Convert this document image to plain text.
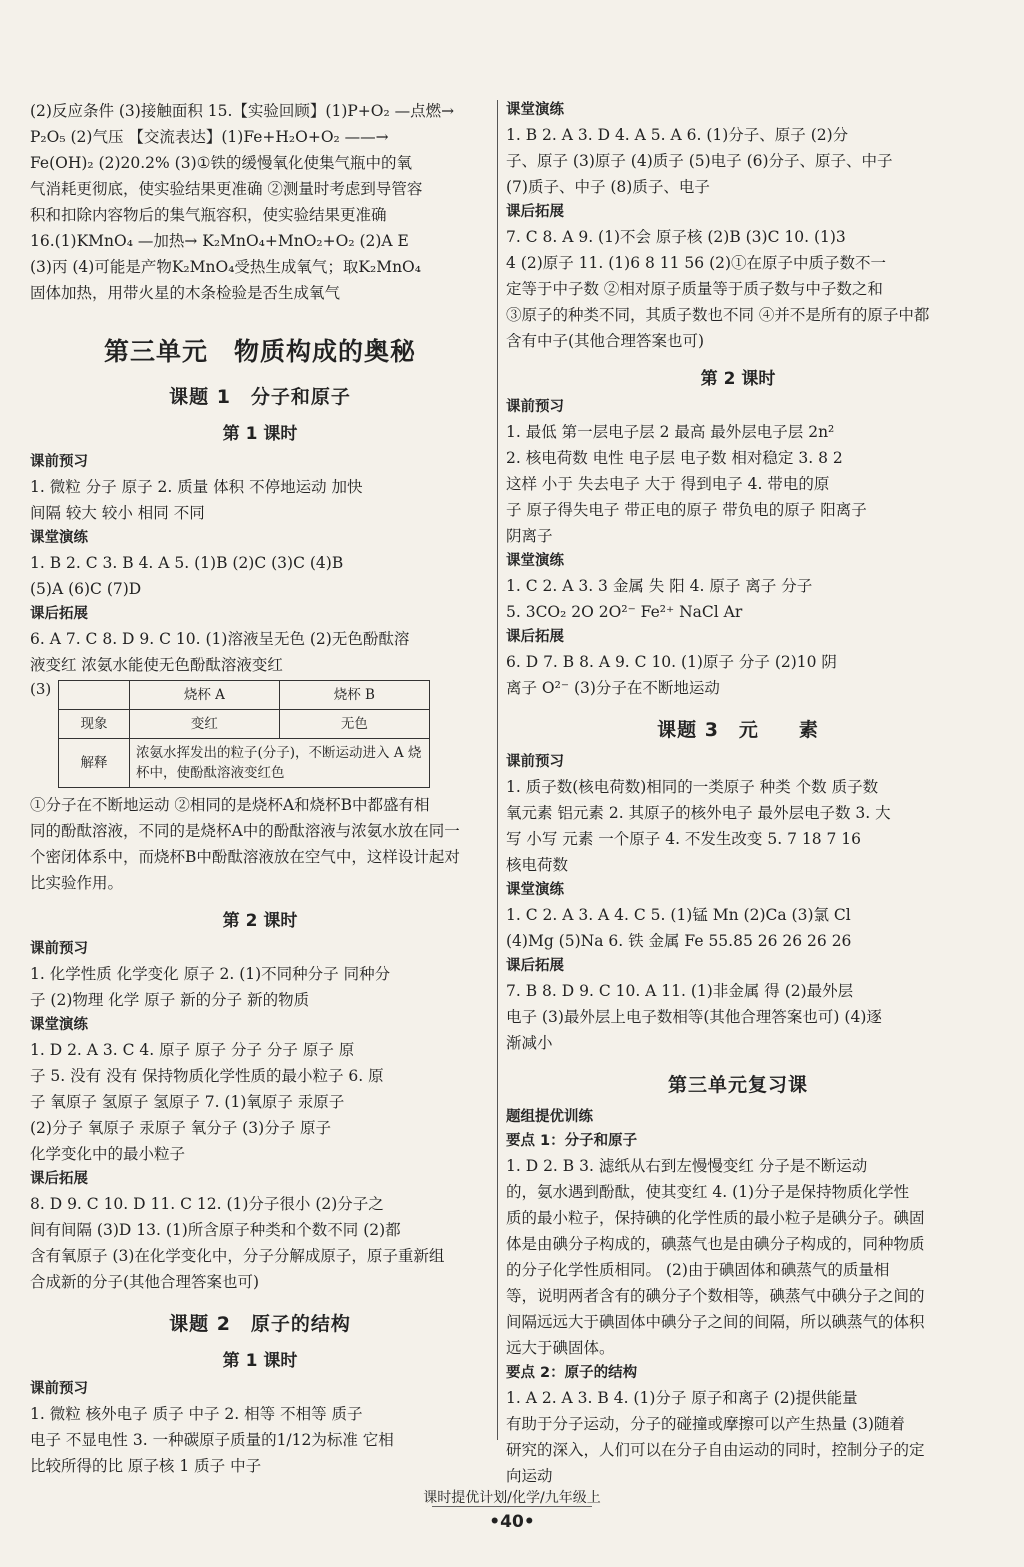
(2)反应条件 (3)接触面积 15.【实验回顾】(1)P+O₂ —点燃→

P₂O₅ (2)气压 【交流表达】(1)Fe+H₂O+O₂ ——→

Fe(OH)₂ (2)20.2% (3)①铁的缓慢氧化使集气瓶中的氧

气消耗更彻底，使实验结果更准确 ②测量时考虑到导管容

积和扣除内容物后的集气瓶容积，使实验结果更准确

16.(1)KMnO₄ —加热→ K₂MnO₄+MnO₂+O₂ (2)A E

(3)丙 (4)可能是产物K₂MnO₄受热生成氧气；取K₂MnO₄

固体加热，用带火星的木条检验是否生成氧气

第三单元　物质构成的奥秘
课题 1　分子和原子
第 1 课时

课前预习

1. 微粒 分子 原子 2. 质量 体积 不停地运动 加快

间隔 较大 较小 相同 不同

课堂演练

1. B 2. C 3. B 4. A 5. (1)B (2)C (3)C (4)B

(5)A (6)C (7)D

课后拓展

6. A 7. C 8. D 9. C 10. (1)溶液呈无色 (2)无色酚酞溶

液变红 浓氨水能使无色酚酞溶液变红

(3)
		烧杯 A	烧杯 B
现象	变红	无色
解释	浓氨水挥发出的粒子(分子)，不断运动进入 A 烧杯中，使酚酞溶液变红色	

①分子在不断地运动 ②相同的是烧杯A和烧杯B中都盛有相

同的酚酞溶液，不同的是烧杯A中的酚酞溶液与浓氨水放在同一

个密闭体系中，而烧杯B中酚酞溶液放在空气中，这样设计起对

比实验作用。

第 2 课时

课前预习

1. 化学性质 化学变化 原子 2. (1)不同种分子 同种分

子 (2)物理 化学 原子 新的分子 新的物质

课堂演练

1. D 2. A 3. C 4. 原子 原子 分子 分子 原子 原

子 5. 没有 没有 保持物质化学性质的最小粒子 6. 原

子 氧原子 氢原子 氢原子 7. (1)氧原子 汞原子

(2)分子 氧原子 汞原子 氧分子 (3)分子 原子

化学变化中的最小粒子

课后拓展

8. D 9. C 10. D 11. C 12. (1)分子很小 (2)分子之

间有间隔 (3)D 13. (1)所含原子种类和个数不同 (2)都

含有氧原子 (3)在化学变化中，分子分解成原子，原子重新组

合成新的分子(其他合理答案也可)

课题 2　原子的结构
第 1 课时

课前预习

1. 微粒 核外电子 质子 中子 2. 相等 不相等 质子

电子 不显电性 3. 一种碳原子质量的1/12为标准 它相

比较所得的比 原子核 1 质子 中子

课堂演练

1. B 2. A 3. D 4. A 5. A 6. (1)分子、原子 (2)分

子、原子 (3)原子 (4)质子 (5)电子 (6)分子、原子、中子

(7)质子、中子 (8)质子、电子

课后拓展

7. C 8. A 9. (1)不会 原子核 (2)B (3)C 10. (1)3

4 (2)原子 11. (1)6 8 11 56 (2)①在原子中质子数不一

定等于中子数 ②相对原子质量等于质子数与中子数之和

③原子的种类不同，其质子数也不同 ④并不是所有的原子中都

含有中子(其他合理答案也可)

第 2 课时

课前预习

1. 最低 第一层电子层 2 最高 最外层电子层 2n²

2. 核电荷数 电性 电子层 电子数 相对稳定 3. 8 2

这样 小于 失去电子 大于 得到电子 4. 带电的原

子 原子得失电子 带正电的原子 带负电的原子 阳离子

阴离子

课堂演练

1. C 2. A 3. 3 金属 失 阳 4. 原子 离子 分子

5. 3CO₂ 2O 2O²⁻ Fe²⁺ NaCl Ar

课后拓展

6. D 7. B 8. A 9. C 10. (1)原子 分子 (2)10 阴

离子 O²⁻ (3)分子在不断地运动

课题 3　元　　素

课前预习

1. 质子数(核电荷数)相同的一类原子 种类 个数 质子数

氧元素 铝元素 2. 其原子的核外电子 最外层电子数 3. 大

写 小写 元素 一个原子 4. 不发生改变 5. 7 18 7 16

核电荷数

课堂演练

1. C 2. A 3. A 4. C 5. (1)锰 Mn (2)Ca (3)氯 Cl

(4)Mg (5)Na 6. 铁 金属 Fe 55.85 26 26 26 26

课后拓展

7. B 8. D 9. C 10. A 11. (1)非金属 得 (2)最外层

电子 (3)最外层上电子数相等(其他合理答案也可) (4)逐

渐减小

第三单元复习课

题组提优训练

要点 1：分子和原子

1. D 2. B 3. 滤纸从右到左慢慢变红 分子是不断运动

的，氨水遇到酚酞，使其变红 4. (1)分子是保持物质化学性

质的最小粒子，保持碘的化学性质的最小粒子是碘分子。碘固

体是由碘分子构成的，碘蒸气也是由碘分子构成的，同种物质

的分子化学性质相同。 (2)由于碘固体和碘蒸气的质量相

等，说明两者含有的碘分子个数相等，碘蒸气中碘分子之间的

间隔远远大于碘固体中碘分子之间的间隔，所以碘蒸气的体积

远大于碘固体。

要点 2：原子的结构

1. A 2. A 3. B 4. (1)分子 原子和离子 (2)提供能量

有助于分子运动，分子的碰撞或摩擦可以产生热量 (3)随着

研究的深入，人们可以在分子自由运动的同时，控制分子的定

向运动

课时提优计划/化学/九年级上
•40•
